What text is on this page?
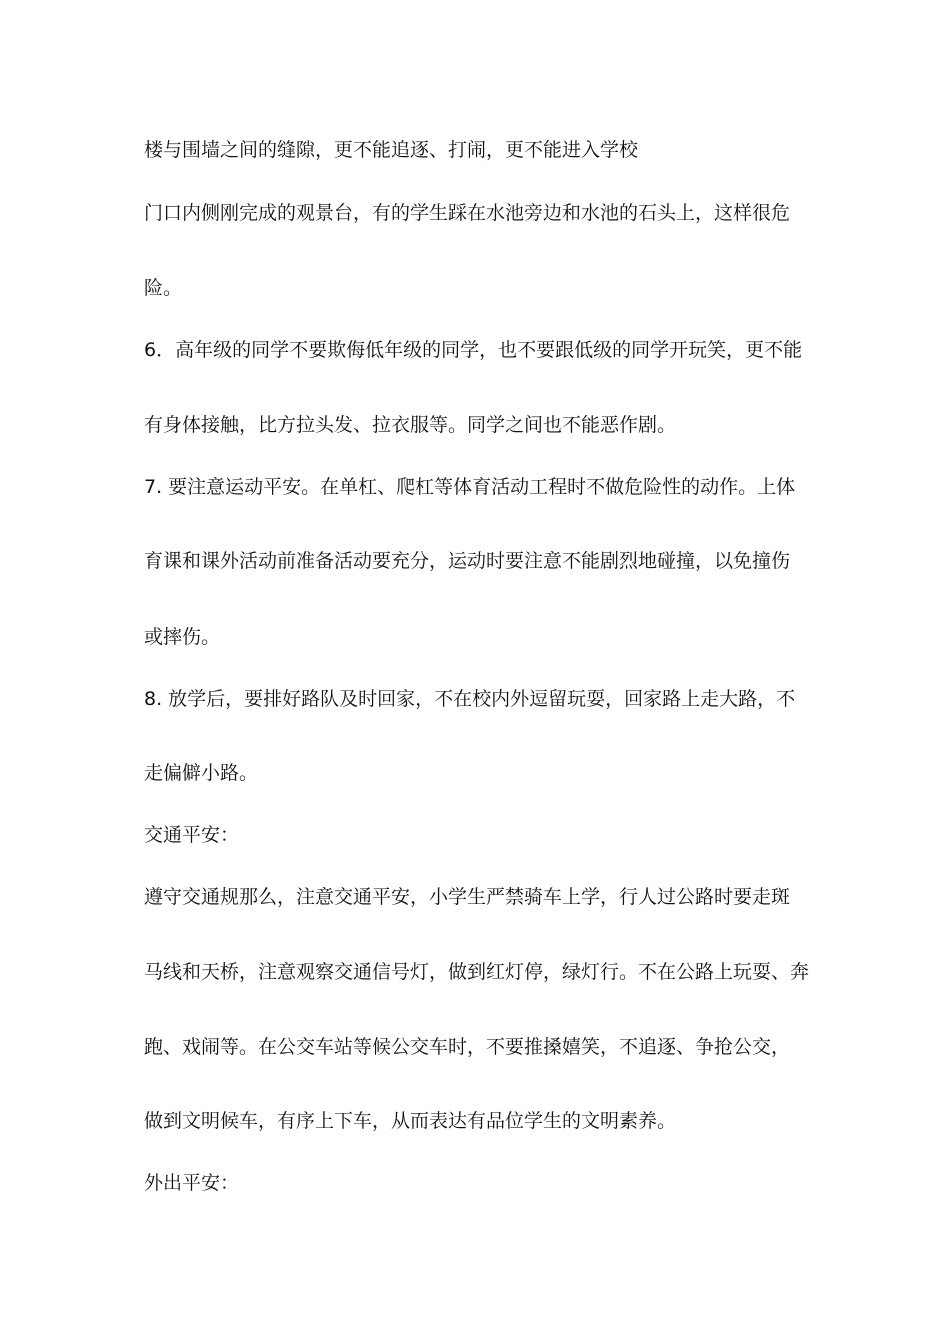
楼与围墙之间的缝隙，更不能追逐、打闹，更不能进入学校
门口内侧刚完成的观景台，有的学生踩在水池旁边和水池的石头上，这样很危
险。
6．高年级的同学不要欺侮低年级的同学，也不要跟低级的同学开玩笑，更不能
有身体接触，比方拉头发、拉衣服等。同学之间也不能恶作剧。
7. 要注意运动平安。在单杠、爬杠等体育活动工程时不做危险性的动作。上体
育课和课外活动前准备活动要充分，运动时要注意不能剧烈地碰撞，以免撞伤
或摔伤。
8. 放学后，要排好路队及时回家，不在校内外逗留玩耍，回家路上走大路，不
走偏僻小路。
交通平安：
遵守交通规那么，注意交通平安，小学生严禁骑车上学，行人过公路时要走斑
马线和天桥，注意观察交通信号灯，做到红灯停，绿灯行。不在公路上玩耍、奔
跑、戏闹等。在公交车站等候公交车时，不要推搡嬉笑，不追逐、争抢公交，
做到文明候车，有序上下车，从而表达有品位学生的文明素养。
外出平安：
